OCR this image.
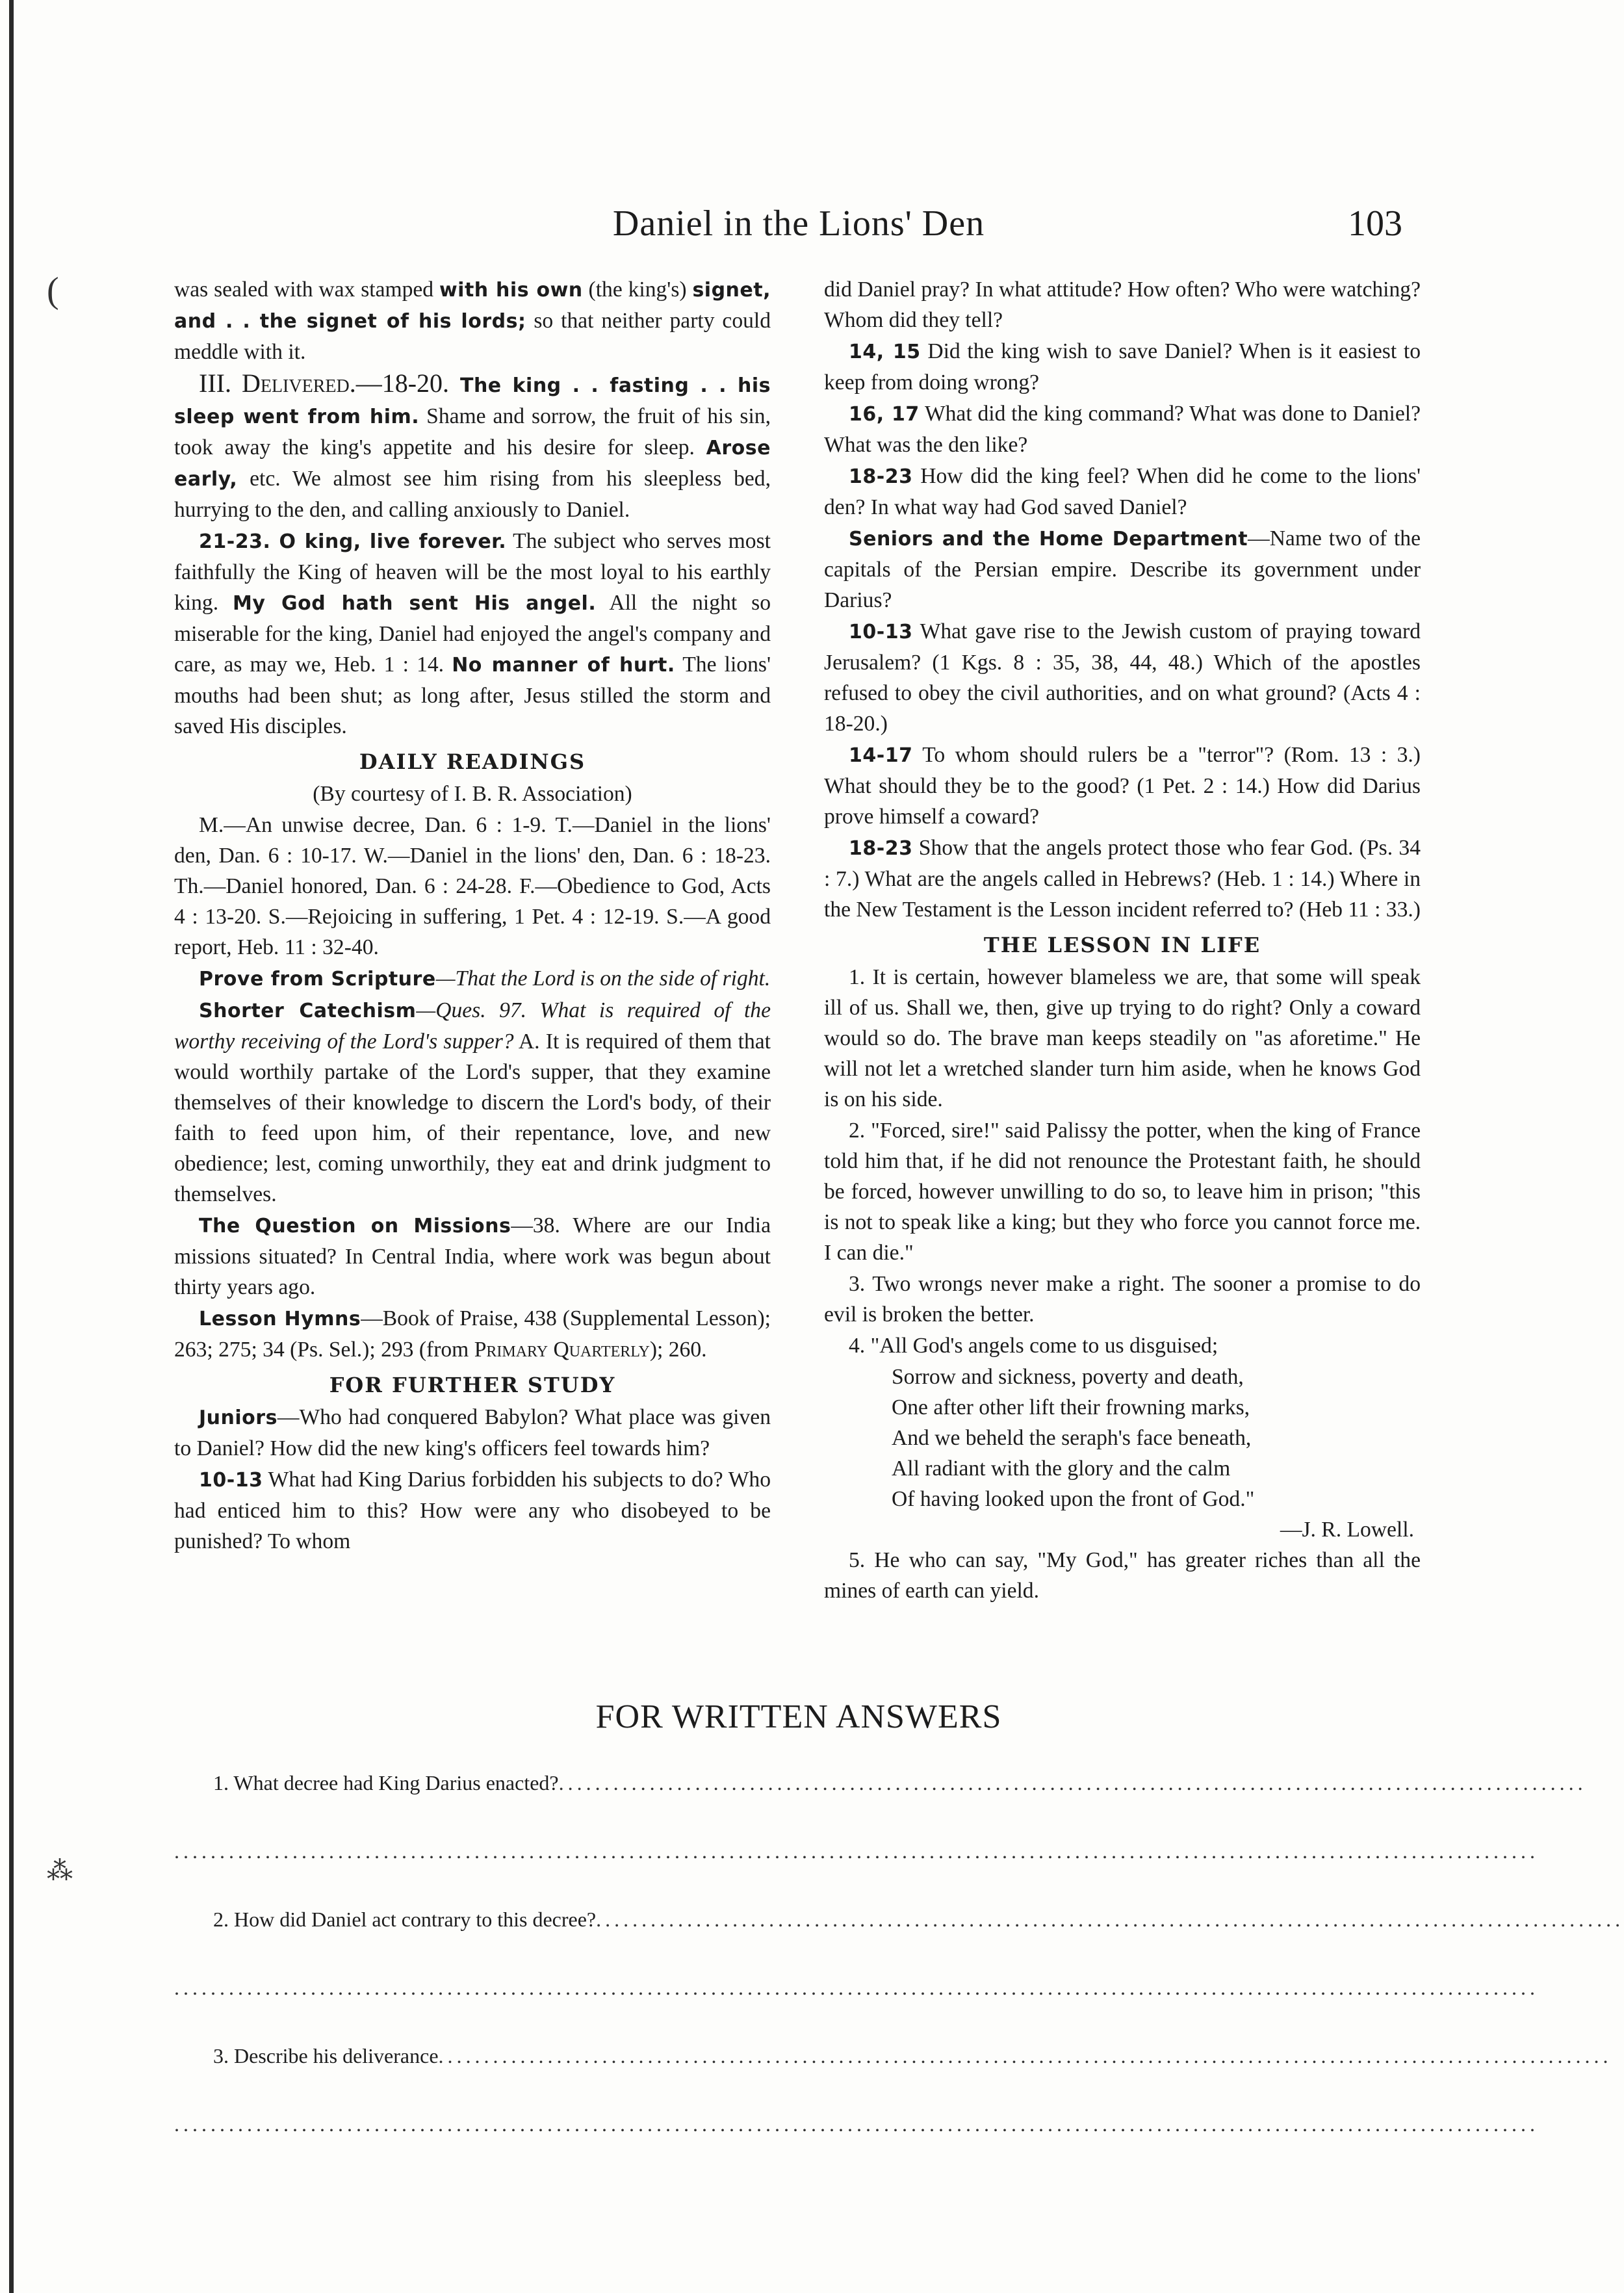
(
⁂
Daniel in the Lions' Den	103

was sealed with wax stamped with his own (the king's) signet, and . . the signet of his lords; so that neither party could meddle with it.

III. Delivered.—18-20. The king . . fasting . . his sleep went from him. Shame and sorrow, the fruit of his sin, took away the king's appetite and his desire for sleep. Arose early, etc. We almost see him rising from his sleepless bed, hurrying to the den, and calling anxiously to Daniel.

21-23. O king, live forever. The subject who serves most faithfully the King of heaven will be the most loyal to his earthly king. My God hath sent His angel. All the night so miserable for the king, Daniel had enjoyed the angel's company and care, as may we, Heb. 1 : 14. No manner of hurt. The lions' mouths had been shut; as long after, Jesus stilled the storm and saved His disciples.

DAILY READINGS

(By courtesy of I. B. R. Association)

M.—An unwise decree, Dan. 6 : 1-9. T.—Daniel in the lions' den, Dan. 6 : 10-17. W.—Daniel in the lions' den, Dan. 6 : 18-23. Th.—Daniel honored, Dan. 6 : 24-28. F.—Obedience to God, Acts 4 : 13-20. S.—Rejoicing in suffering, 1 Pet. 4 : 12-19. S.—A good report, Heb. 11 : 32-40.

Prove from Scripture—That the Lord is on the side of right.

Shorter Catechism—Ques. 97. What is required of the worthy receiving of the Lord's supper? A. It is required of them that would worthily partake of the Lord's supper, that they examine themselves of their knowledge to discern the Lord's body, of their faith to feed upon him, of their repentance, love, and new obedience; lest, coming unworthily, they eat and drink judgment to themselves.

The Question on Missions—38. Where are our India missions situated? In Central India, where work was begun about thirty years ago.

Lesson Hymns—Book of Praise, 438 (Supplemental Lesson); 263; 275; 34 (Ps. Sel.); 293 (from Primary Quarterly); 260.

FOR FURTHER STUDY

Juniors—Who had conquered Babylon? What place was given to Daniel? How did the new king's officers feel towards him?

10-13 What had King Darius forbidden his subjects to do? Who had enticed him to this? How were any who disobeyed to be punished? To whom

did Daniel pray? In what attitude? How often? Who were watching? Whom did they tell?

14, 15 Did the king wish to save Daniel? When is it easiest to keep from doing wrong?

16, 17 What did the king command? What was done to Daniel? What was the den like?

18-23 How did the king feel? When did he come to the lions' den? In what way had God saved Daniel?

Seniors and the Home Department—Name two of the capitals of the Persian empire. Describe its government under Darius?

10-13 What gave rise to the Jewish custom of praying toward Jerusalem? (1 Kgs. 8 : 35, 38, 44, 48.) Which of the apostles refused to obey the civil authorities, and on what ground? (Acts 4 : 18-20.)

14-17 To whom should rulers be a "terror"? (Rom. 13 : 3.) What should they be to the good? (1 Pet. 2 : 14.) How did Darius prove himself a coward?

18-23 Show that the angels protect those who fear God. (Ps. 34 : 7.) What are the angels called in Hebrews? (Heb. 1 : 14.) Where in the New Testament is the Lesson incident referred to? (Heb 11 : 33.)

THE LESSON IN LIFE

1. It is certain, however blameless we are, that some will speak ill of us. Shall we, then, give up trying to do right? Only a coward would so do. The brave man keeps steadily on "as aforetime." He will not let a wretched slander turn him aside, when he knows God is on his side.

2. "Forced, sire!" said Palissy the potter, when the king of France told him that, if he did not renounce the Protestant faith, he should be forced, however unwilling to do so, to leave him in prison; "this is not to speak like a king; but they who force you cannot force me. I can die."

3. Two wrongs never make a right. The sooner a promise to do evil is broken the better.

4. "All God's angels come to us disguised;

Sorrow and sickness, poverty and death,
One after other lift their frowning marks,
And we beheld the seraph's face beneath,
All radiant with the glory and the calm
Of having looked upon the front of God."
—J. R. Lowell.

5. He who can say, "My God," has greater riches than all the mines of earth can yield.

FOR WRITTEN ANSWERS
1. What decree had King Darius enacted?.................................................................................................................
......................................................................................................................................................
2. How did Daniel act contrary to this decree?.................................................................................................................
......................................................................................................................................................
3. Describe his deliverance.................................................................................................................................
......................................................................................................................................................
